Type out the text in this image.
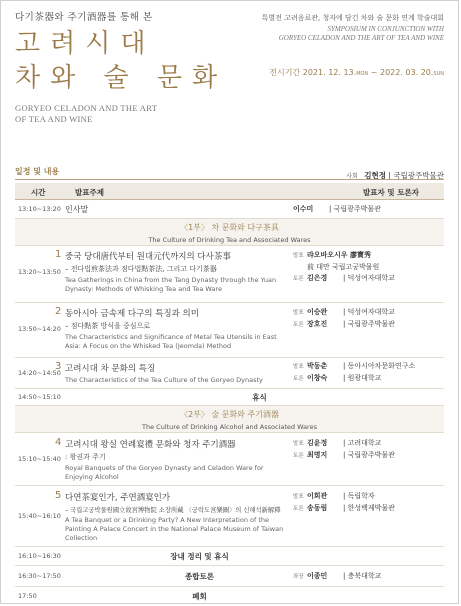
다기茶器와 주기酒器를 통해 본
고려시대
차와 술 문화
GORYEO CELADON AND THE ART
OF TEA AND WINE
특별전 고려음료관, 청자에 담긴 차와 술 문화 연계 학술대회
SYMPOSIUM IN CONJUNCTION WITH
GORYEO CELADON AND THE ART OF TEA AND WINE
전시기간 2021. 12. 13.MON ~ 2022. 03. 20.SUN
일정 및 내용
사회 김현정 | 국립광주박물관
시간	발표주제	발표자 및 토론자
13:10~13:20 인사말	이수미 | 국립광주박물관
〈1부〉 차 문화와 다구茶具
The Culture of Drinking Tea and Associated Wares
13:20~13:50
1 중국 당대唐代부터 원대元代까지의 다사茶事
– 전다법煎茶法과 점다법點茶法, 그리고 다기茶器
Tea Gatherings in China from the Tang Dynasty through the Yuan Dynasty: Methods of Whisking Tea and Tea Ware
발표 랴오바오시우 廖寶秀
前 대만 국립고궁박물원
토론 김은경 | 덕성여자대학교
13:50~14:20
2 동아시아 금속제 다구의 특징과 의미
– 점다點茶 방식을 중심으로
The Characteristics and Significance of Metal Tea Utensils in East Asia: A Focus on the Whisked Tea (Jeomda) Method
발표 이승완 | 덕성여자대학교
토론 장호진 | 국립광주박물관
14:20~14:50
3 고려시대 차 문화의 특징
The Characteristics of the Tea Culture of the Goryeo Dynasty
발표 박동춘 | 동아시아차문화연구소
토론 이창숙 | 원광대학교
14:50~15:10	휴식
〈2부〉 술 문화와 주기酒器
The Culture of Drinking Alcohol and Associated Wares
15:10~15:40
4 고려시대 왕실 연례宴禮 문화와 청자 주기酒器
: 왕권과 주기
Royal Banquets of the Goryeo Dynasty and Celadon Ware for Enjoying Alcohol
발표 김윤정 | 고려대학교
토론 최명지 | 국립광주박물관
15:40~16:10
5 다연茶宴인가, 주연酒宴인가
– 국립고궁박물원國立故宮博物院 소장所藏 〈궁락도宮樂圖〉의 신해석新解釋
A Tea Banquet or a Drinking Party? A New Interpretation of the Painting A Palace Concert in the National Palace Museum of Taiwan Collection
발표 이희관 | 독립학자
토론 송동림 | 한성백제박물관
16:10~16:30	장내 정리 및 휴식
16:30~17:50	종합토론	좌장 이종민 | 충북대학교
17:50	폐회
